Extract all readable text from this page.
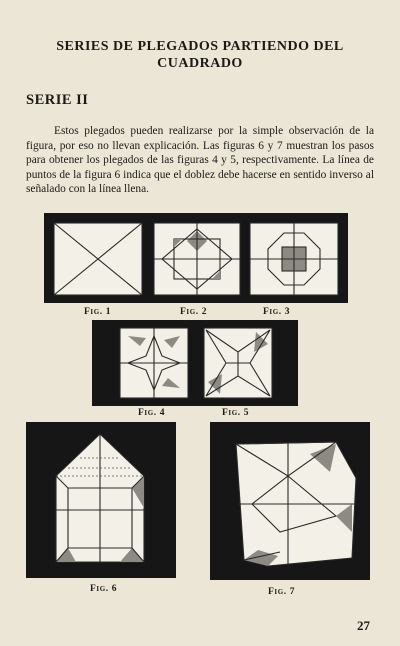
SERIES DE PLEGADOS PARTIENDO DEL
CUADRADO
SERIE II

Estos plegados pueden realizarse por la simple observación de la figura, por eso no llevan explicación. Las figuras 6 y 7 muestran los pasos para obtener los plegados de las figuras 4 y 5, respectivamente. La línea de puntos de la figura 6 indica que el doblez debe hacerse en sentido inverso al señalado con la línea llena.

Fig. 1	Fig. 2	Fig. 3
Fig. 4	Fig. 5
Fig. 6	Fig. 7
27
